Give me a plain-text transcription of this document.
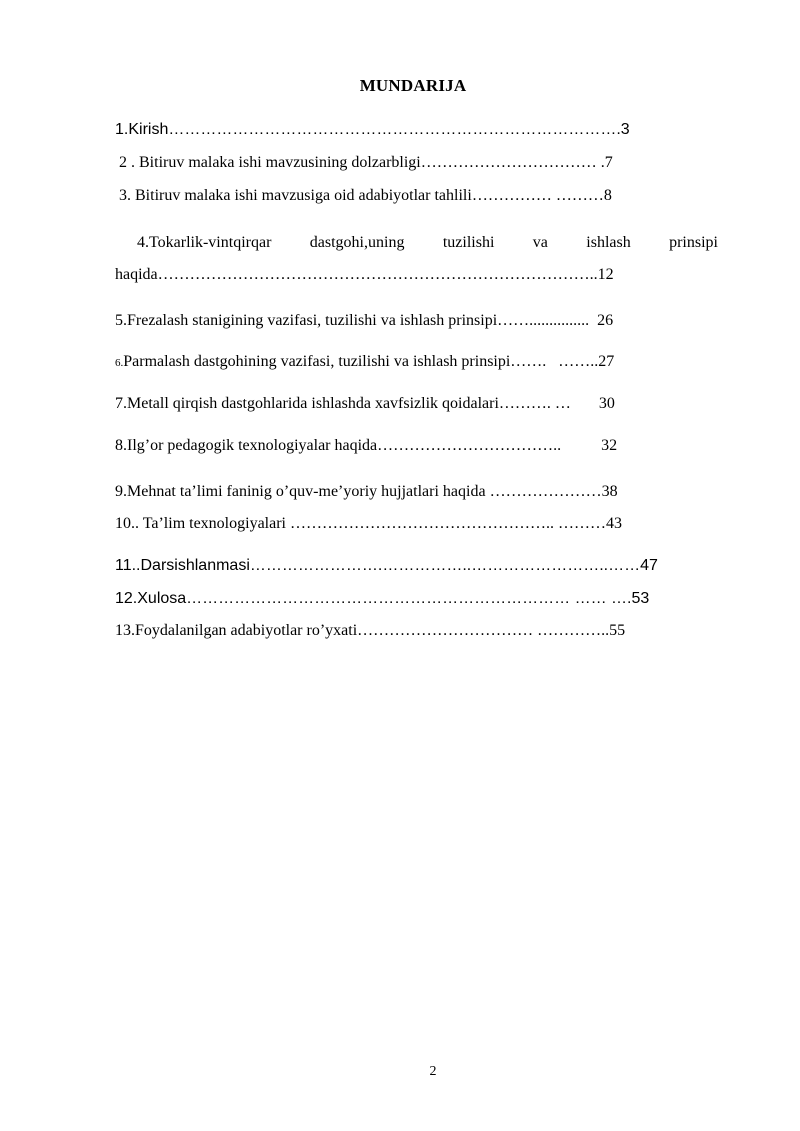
MUNDARIJA
1.Kirish………………………………………………………………………….3
2 . Bitiruv malaka ishi mavzusining dolzarbligi…………………………… .7
3. Bitiruv malaka ishi mavzusiga oid adabiyotlar tahlili…………… ………8
4.Tokarlik-vintqirqar dastgohi,uning tuzilishi va ishlash prinsipi
haqida………………………………………………………………………..12
5.Frezalash stanigining vazifasi, tuzilishi va ishlash prinsipi……...............  26
6.Parmalash dastgohining vazifasi, tuzilishi va ishlash prinsipi…….   ……..27
7.Metall qirqish dastgohlarida ishlashda xavfsizlik qoidalari………. …       30
8.Ilg’or pedagogik texnologiyalar haqida……………………………..          32
9.Mehnat ta’limi faninig o’quv-me’yoriy hujjatlari haqida …………………38
10.. Ta’lim texnologiyalari ………………………………………….. ………43
11..Darsishlanmasi…………………….……………..……………………..……47
12.Xulosa……………………………………………………………… …… ….53
13.Foydalanilgan adabiyotlar ro’yxati…………………………… …………..55
2
